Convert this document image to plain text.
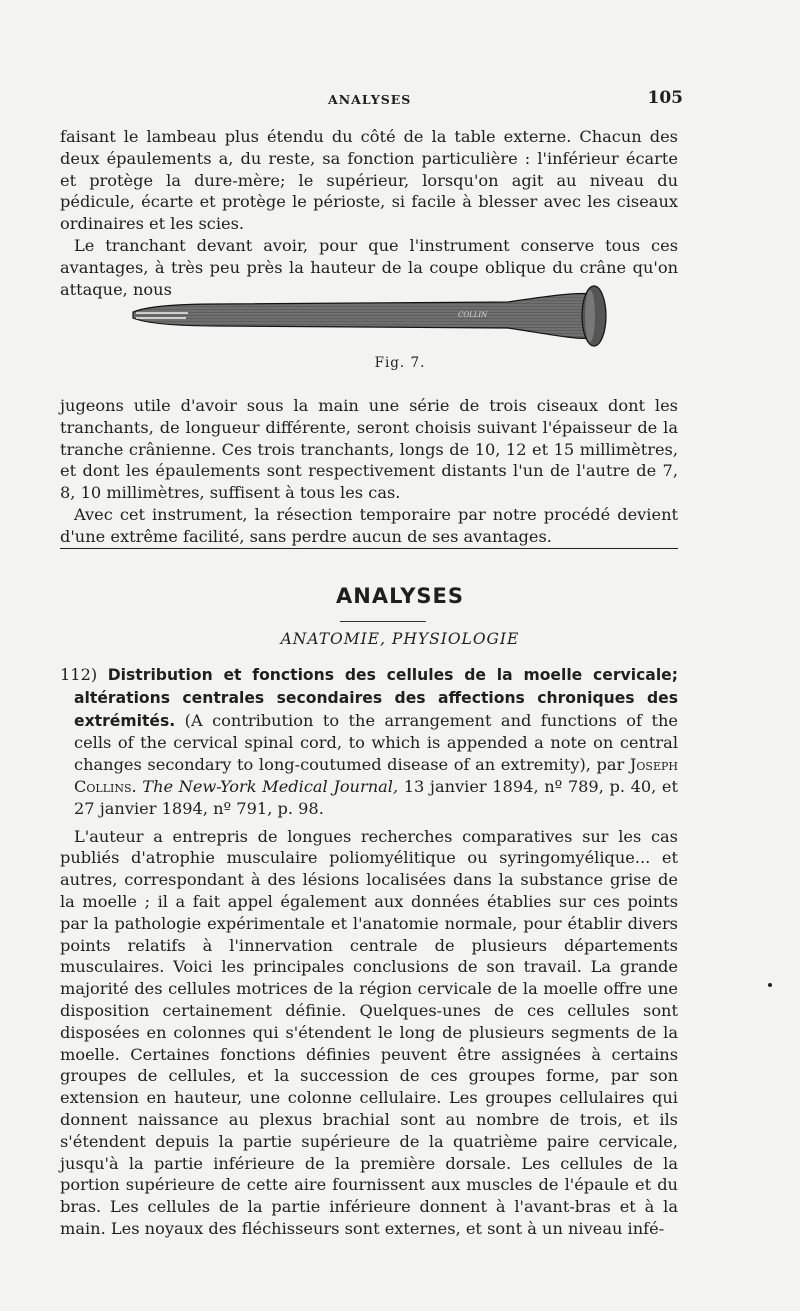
ANALYSES	105

faisant le lambeau plus étendu du côté de la table externe. Chacun des deux épaulements a, du reste, sa fonction particulière : l'inférieur écarte et protège la dure-mère; le supérieur, lorsqu'on agit au niveau du pédicule, écarte et protège le périoste, si facile à blesser avec les ciseaux ordinaires et les scies.

Le tranchant devant avoir, pour que l'instrument conserve tous ces avantages, à très peu près la hauteur de la coupe oblique du crâne qu'on attaque, nous

COLLIN
Fig. 7.

jugeons utile d'avoir sous la main une série de trois ciseaux dont les tranchants, de longueur différente, seront choisis suivant l'épaisseur de la tranche crânienne. Ces trois tranchants, longs de 10, 12 et 15 millimètres, et dont les épaulements sont respectivement distants l'un de l'autre de 7, 8, 10 millimètres, suffisent à tous les cas.

Avec cet instrument, la résection temporaire par notre procédé devient d'une extrême facilité, sans perdre aucun de ses avantages.

ANALYSES
ANATOMIE, PHYSIOLOGIE

112) Distribution et fonctions des cellules de la moelle cervicale; altérations centrales secondaires des affections chroniques des extrémités. (A contribution to the arrangement and functions of the cells of the cervical spinal cord, to which is appended a note on central changes secondary to long-coutumed disease of an extremity), par Joseph Collins. The New-York Medical Journal, 13 janvier 1894, nº 789, p. 40, et 27 janvier 1894, nº 791, p. 98.

L'auteur a entrepris de longues recherches comparatives sur les cas publiés d'atrophie musculaire poliomyélitique ou syringomyélique... et autres, correspondant à des lésions localisées dans la substance grise de la moelle ; il a fait appel également aux données établies sur ces points par la pathologie expérimentale et l'anatomie normale, pour établir divers points relatifs à l'innervation centrale de plusieurs départements musculaires. Voici les principales conclusions de son travail. La grande majorité des cellules motrices de la région cervicale de la moelle offre une disposition certainement définie. Quelques-unes de ces cellules sont disposées en colonnes qui s'étendent le long de plusieurs segments de la moelle. Certaines fonctions définies peuvent être assignées à certains groupes de cellules, et la succession de ces groupes forme, par son extension en hauteur, une colonne cellulaire. Les groupes cellulaires qui donnent naissance au plexus brachial sont au nombre de trois, et ils s'étendent depuis la partie supérieure de la quatrième paire cervicale, jusqu'à la partie inférieure de la première dorsale. Les cellules de la portion supérieure de cette aire fournissent aux muscles de l'épaule et du bras. Les cellules de la partie inférieure donnent à l'avant-bras et à la main. Les noyaux des fléchisseurs sont externes, et sont à un niveau infé-
